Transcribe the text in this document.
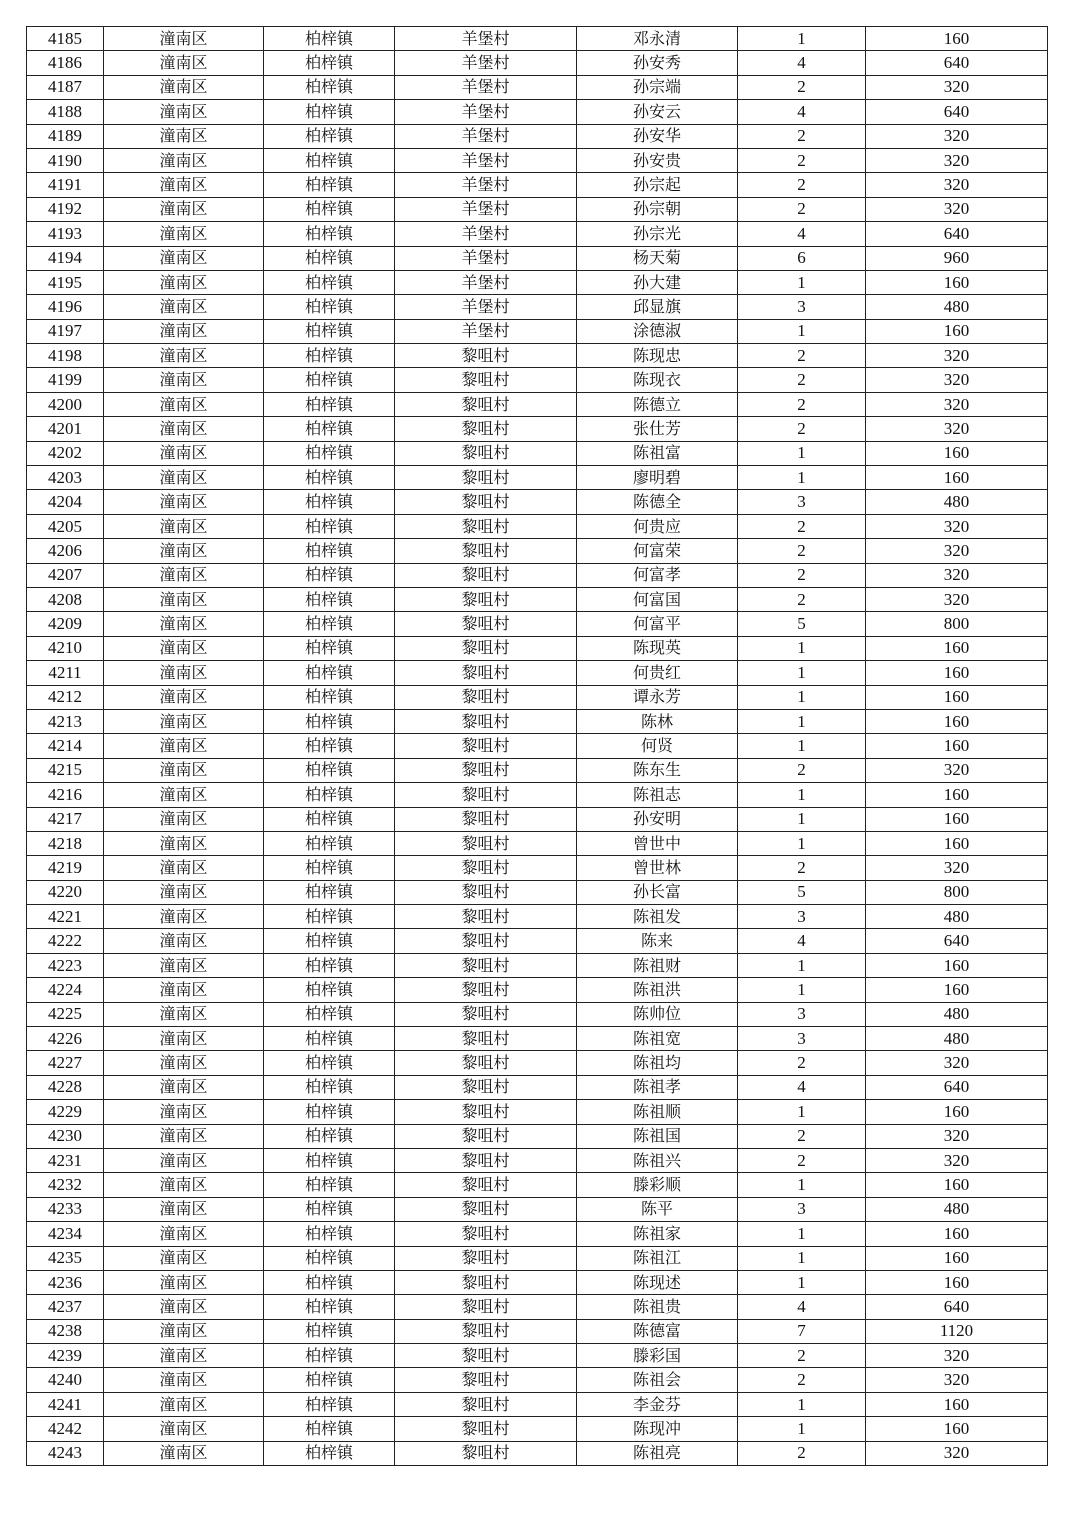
4185	潼南区	柏梓镇	羊堡村	邓永清	1	160
4186	潼南区	柏梓镇	羊堡村	孙安秀	4	640
4187	潼南区	柏梓镇	羊堡村	孙宗端	2	320
4188	潼南区	柏梓镇	羊堡村	孙安云	4	640
4189	潼南区	柏梓镇	羊堡村	孙安华	2	320
4190	潼南区	柏梓镇	羊堡村	孙安贵	2	320
4191	潼南区	柏梓镇	羊堡村	孙宗起	2	320
4192	潼南区	柏梓镇	羊堡村	孙宗朝	2	320
4193	潼南区	柏梓镇	羊堡村	孙宗光	4	640
4194	潼南区	柏梓镇	羊堡村	杨天菊	6	960
4195	潼南区	柏梓镇	羊堡村	孙大建	1	160
4196	潼南区	柏梓镇	羊堡村	邱显旗	3	480
4197	潼南区	柏梓镇	羊堡村	涂德淑	1	160
4198	潼南区	柏梓镇	黎咀村	陈现忠	2	320
4199	潼南区	柏梓镇	黎咀村	陈现衣	2	320
4200	潼南区	柏梓镇	黎咀村	陈德立	2	320
4201	潼南区	柏梓镇	黎咀村	张仕芳	2	320
4202	潼南区	柏梓镇	黎咀村	陈祖富	1	160
4203	潼南区	柏梓镇	黎咀村	廖明碧	1	160
4204	潼南区	柏梓镇	黎咀村	陈德全	3	480
4205	潼南区	柏梓镇	黎咀村	何贵应	2	320
4206	潼南区	柏梓镇	黎咀村	何富荣	2	320
4207	潼南区	柏梓镇	黎咀村	何富孝	2	320
4208	潼南区	柏梓镇	黎咀村	何富国	2	320
4209	潼南区	柏梓镇	黎咀村	何富平	5	800
4210	潼南区	柏梓镇	黎咀村	陈现英	1	160
4211	潼南区	柏梓镇	黎咀村	何贵红	1	160
4212	潼南区	柏梓镇	黎咀村	谭永芳	1	160
4213	潼南区	柏梓镇	黎咀村	陈林	1	160
4214	潼南区	柏梓镇	黎咀村	何贤	1	160
4215	潼南区	柏梓镇	黎咀村	陈东生	2	320
4216	潼南区	柏梓镇	黎咀村	陈祖志	1	160
4217	潼南区	柏梓镇	黎咀村	孙安明	1	160
4218	潼南区	柏梓镇	黎咀村	曾世中	1	160
4219	潼南区	柏梓镇	黎咀村	曾世林	2	320
4220	潼南区	柏梓镇	黎咀村	孙长富	5	800
4221	潼南区	柏梓镇	黎咀村	陈祖发	3	480
4222	潼南区	柏梓镇	黎咀村	陈来	4	640
4223	潼南区	柏梓镇	黎咀村	陈祖财	1	160
4224	潼南区	柏梓镇	黎咀村	陈祖洪	1	160
4225	潼南区	柏梓镇	黎咀村	陈帅位	3	480
4226	潼南区	柏梓镇	黎咀村	陈祖宽	3	480
4227	潼南区	柏梓镇	黎咀村	陈祖均	2	320
4228	潼南区	柏梓镇	黎咀村	陈祖孝	4	640
4229	潼南区	柏梓镇	黎咀村	陈祖顺	1	160
4230	潼南区	柏梓镇	黎咀村	陈祖国	2	320
4231	潼南区	柏梓镇	黎咀村	陈祖兴	2	320
4232	潼南区	柏梓镇	黎咀村	滕彩顺	1	160
4233	潼南区	柏梓镇	黎咀村	陈平	3	480
4234	潼南区	柏梓镇	黎咀村	陈祖家	1	160
4235	潼南区	柏梓镇	黎咀村	陈祖江	1	160
4236	潼南区	柏梓镇	黎咀村	陈现述	1	160
4237	潼南区	柏梓镇	黎咀村	陈祖贵	4	640
4238	潼南区	柏梓镇	黎咀村	陈德富	7	1120
4239	潼南区	柏梓镇	黎咀村	滕彩国	2	320
4240	潼南区	柏梓镇	黎咀村	陈祖会	2	320
4241	潼南区	柏梓镇	黎咀村	李金芬	1	160
4242	潼南区	柏梓镇	黎咀村	陈现冲	1	160
4243	潼南区	柏梓镇	黎咀村	陈祖亮	2	320
